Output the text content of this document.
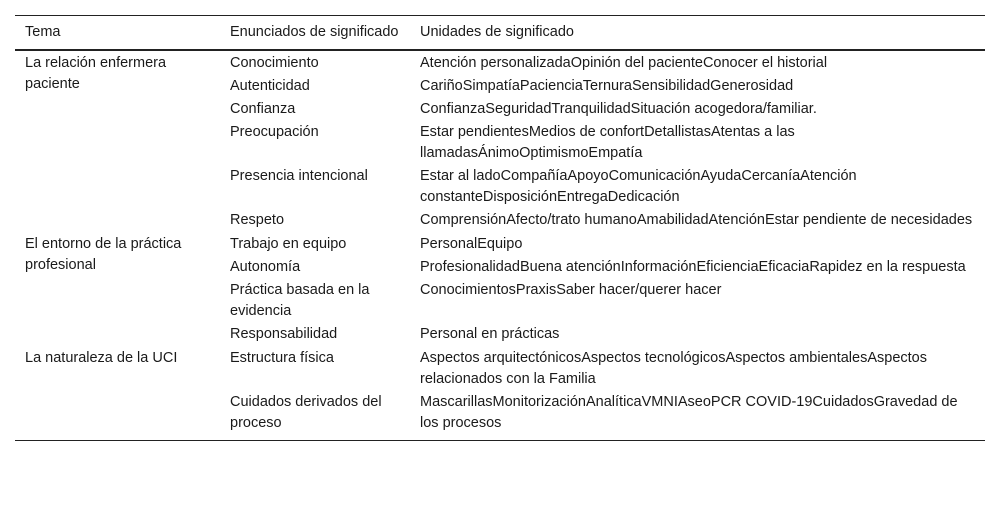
Tema	Enunciados de significado	Unidades de significado
La relación enfermera paciente	Conocimiento	Atención personalizadaOpinión del pacienteConocer el historial
	Autenticidad	CariñoSimpatíaPacienciaTernuraSensibilidadGenerosidad
	Confianza	ConfianzaSeguridadTranquilidadSituación acogedora/familiar.
	Preocupación	Estar pendientesMedios de confortDetallistasAtentas a las llamadasÁnimoOptimismoEmpatía
	Presencia intencional	Estar al ladoCompañíaApoyoComunicaciónAyudaCercaníaAtención constanteDisposiciónEntregaDedicación
	Respeto	ComprensiónAfecto/trato humanoAmabilidadAtenciónEstar pendiente de necesidades
El entorno de la práctica profesional	Trabajo en equipo	PersonalEquipo
	Autonomía	ProfesionalidadBuena atenciónInformaciónEficienciaEficaciaRapidez en la respuesta
	Práctica basada en la evidencia	ConocimientosPraxisSaber hacer/querer hacer
	Responsabilidad	Personal en prácticas
La naturaleza de la UCI	Estructura física	Aspectos arquitectónicosAspectos tecnológicosAspectos ambientalesAspectos relacionados con la Familia
	Cuidados derivados del proceso	MascarillasMonitorizaciónAnalíticaVMNIAseoPCR COVID-19CuidadosGravedad de los procesos
